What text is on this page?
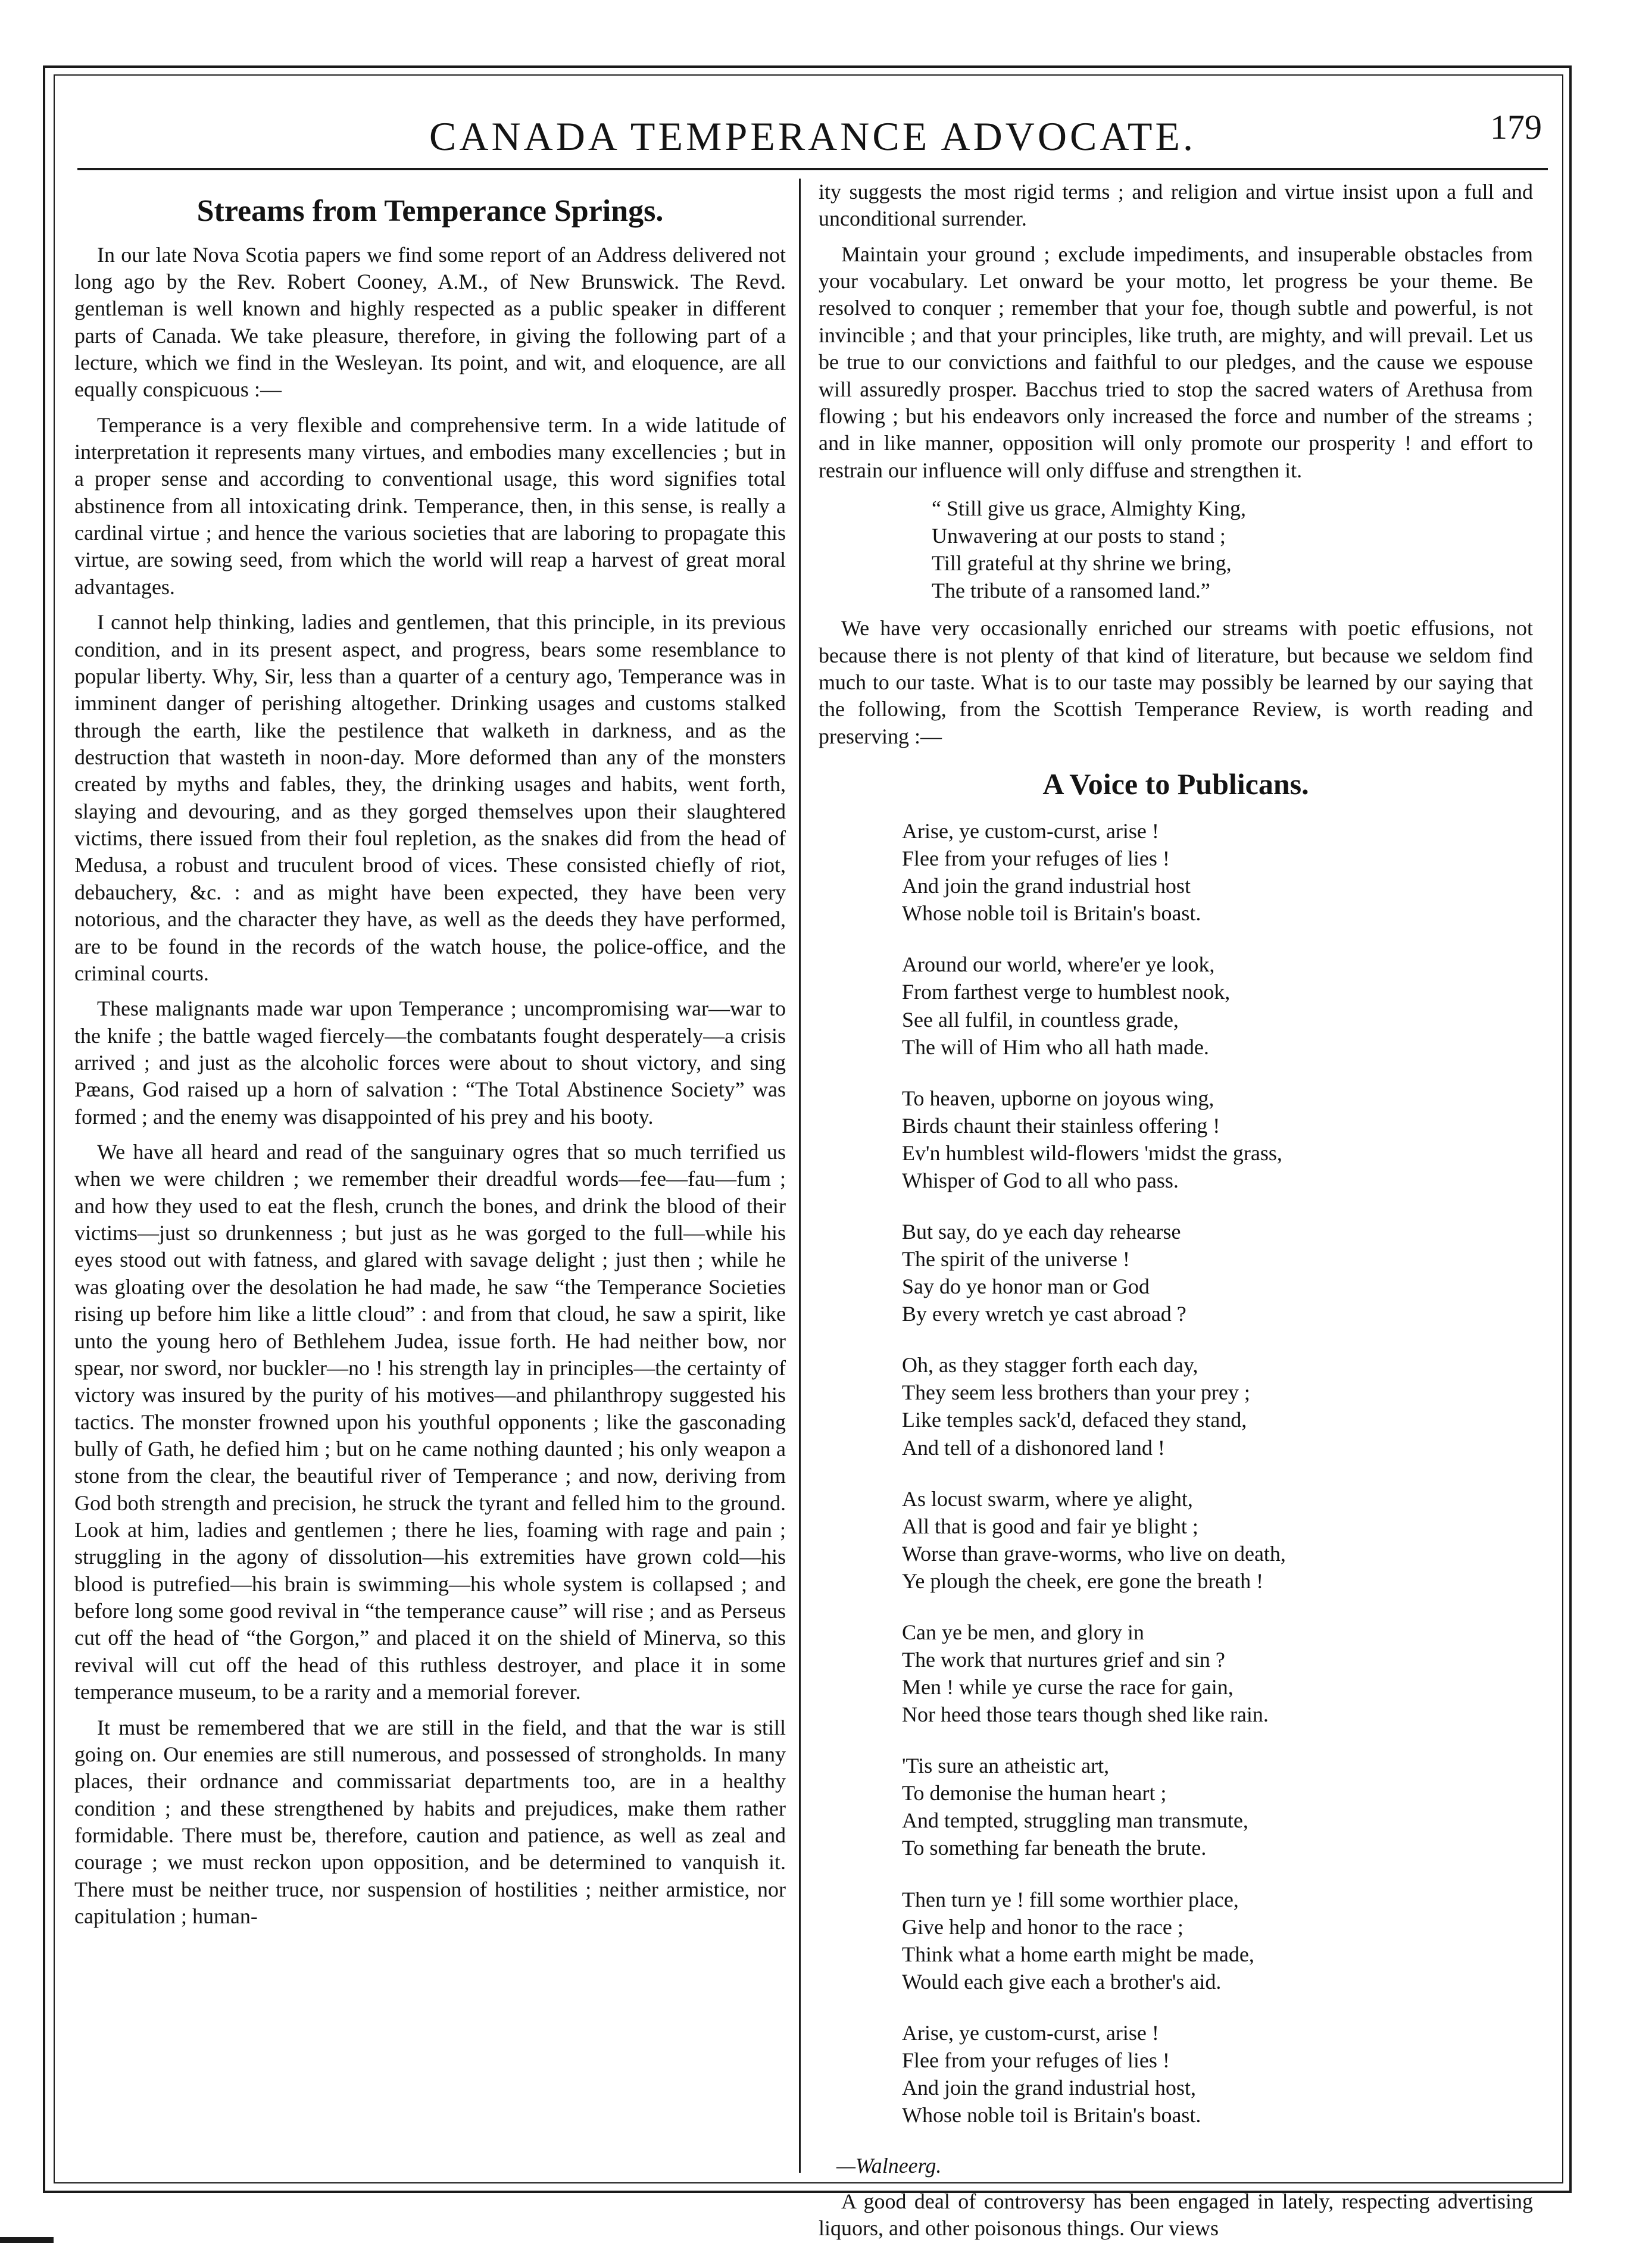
CANADA TEMPERANCE ADVOCATE.	179
Streams from Temperance Springs.

In our late Nova Scotia papers we find some report of an Address delivered not long ago by the Rev. Robert Cooney, A.M., of New Brunswick. The Revd. gentleman is well known and highly respected as a public speaker in different parts of Canada. We take pleasure, therefore, in giving the following part of a lecture, which we find in the Wesleyan. Its point, and wit, and eloquence, are all equally conspicuous :—

Temperance is a very flexible and comprehensive term. In a wide latitude of interpretation it represents many virtues, and embodies many excellencies ; but in a proper sense and according to conventional usage, this word signifies total abstinence from all intoxicating drink. Temperance, then, in this sense, is really a cardinal virtue ; and hence the various societies that are laboring to propagate this virtue, are sowing seed, from which the world will reap a harvest of great moral advantages.

I cannot help thinking, ladies and gentlemen, that this principle, in its previous condition, and in its present aspect, and progress, bears some resemblance to popular liberty. Why, Sir, less than a quarter of a century ago, Temperance was in imminent danger of perishing altogether. Drinking usages and customs stalked through the earth, like the pestilence that walketh in darkness, and as the destruction that wasteth in noon-day. More deformed than any of the monsters created by myths and fables, they, the drinking usages and habits, went forth, slaying and devouring, and as they gorged themselves upon their slaughtered victims, there issued from their foul repletion, as the snakes did from the head of Medusa, a robust and truculent brood of vices. These consisted chiefly of riot, debauchery, &c. : and as might have been expected, they have been very notorious, and the character they have, as well as the deeds they have performed, are to be found in the records of the watch house, the police-office, and the criminal courts.

These malignants made war upon Temperance ; uncompromising war—war to the knife ; the battle waged fiercely—the combatants fought desperately—a crisis arrived ; and just as the alcoholic forces were about to shout victory, and sing Pæans, God raised up a horn of salvation : “The Total Abstinence Society” was formed ; and the enemy was disappointed of his prey and his booty.

We have all heard and read of the sanguinary ogres that so much terrified us when we were children ; we remember their dreadful words—fee—fau—fum ; and how they used to eat the flesh, crunch the bones, and drink the blood of their victims—just so drunkenness ; but just as he was gorged to the full—while his eyes stood out with fatness, and glared with savage delight ; just then ; while he was gloating over the desolation he had made, he saw “the Temperance Societies rising up before him like a little cloud” : and from that cloud, he saw a spirit, like unto the young hero of Bethlehem Judea, issue forth. He had neither bow, nor spear, nor sword, nor buckler—no ! his strength lay in principles—the certainty of victory was insured by the purity of his motives—and philanthropy suggested his tactics. The monster frowned upon his youthful opponents ; like the gasconading bully of Gath, he defied him ; but on he came nothing daunted ; his only weapon a stone from the clear, the beautiful river of Temperance ; and now, deriving from God both strength and precision, he struck the tyrant and felled him to the ground. Look at him, ladies and gentlemen ; there he lies, foaming with rage and pain ; struggling in the agony of dissolution—his extremities have grown cold—his blood is putrefied—his brain is swimming—his whole system is collapsed ; and before long some good revival in “the temperance cause” will rise ; and as Perseus cut off the head of “the Gorgon,” and placed it on the shield of Minerva, so this revival will cut off the head of this ruthless destroyer, and place it in some temperance museum, to be a rarity and a memorial forever.

It must be remembered that we are still in the field, and that the war is still going on. Our enemies are still numerous, and possessed of strongholds. In many places, their ordnance and commissariat departments too, are in a healthy condition ; and these strengthened by habits and prejudices, make them rather formidable. There must be, therefore, caution and patience, as well as zeal and courage ; we must reckon upon opposition, and be determined to vanquish it. There must be neither truce, nor suspension of hostilities ; neither armistice, nor capitulation ; human-

ity suggests the most rigid terms ; and religion and virtue insist upon a full and unconditional surrender.

Maintain your ground ; exclude impediments, and insuperable obstacles from your vocabulary. Let onward be your motto, let progress be your theme. Be resolved to conquer ; remember that your foe, though subtle and powerful, is not invincible ; and that your principles, like truth, are mighty, and will prevail. Let us be true to our convictions and faithful to our pledges, and the cause we espouse will assuredly prosper. Bacchus tried to stop the sacred waters of Arethusa from flowing ; but his endeavors only increased the force and number of the streams ; and in like manner, opposition will only promote our prosperity ! and effort to restrain our influence will only diffuse and strengthen it.

“ Still give us grace, Almighty King,
Unwavering at our posts to stand ;
Till grateful at thy shrine we bring,
The tribute of a ransomed land.”

We have very occasionally enriched our streams with poetic effusions, not because there is not plenty of that kind of literature, but because we seldom find much to our taste. What is to our taste may possibly be learned by our saying that the following, from the Scottish Temperance Review, is worth reading and preserving :—

A Voice to Publicans.
Arise, ye custom-curst, arise !
Flee from your refuges of lies !
And join the grand industrial host
Whose noble toil is Britain's boast.
Around our world, where'er ye look,
From farthest verge to humblest nook,
See all fulfil, in countless grade,
The will of Him who all hath made.
To heaven, upborne on joyous wing,
Birds chaunt their stainless offering !
Ev'n humblest wild-flowers 'midst the grass,
Whisper of God to all who pass.
But say, do ye each day rehearse
The spirit of the universe !
Say do ye honor man or God
By every wretch ye cast abroad ?
Oh, as they stagger forth each day,
They seem less brothers than your prey ;
Like temples sack'd, defaced they stand,
And tell of a dishonored land !
As locust swarm, where ye alight,
All that is good and fair ye blight ;
Worse than grave-worms, who live on death,
Ye plough the cheek, ere gone the breath !
Can ye be men, and glory in
The work that nurtures grief and sin ?
Men ! while ye curse the race for gain,
Nor heed those tears though shed like rain.
'Tis sure an atheistic art,
To demonise the human heart ;
And tempted, struggling man transmute,
To something far beneath the brute.
Then turn ye ! fill some worthier place,
Give help and honor to the race ;
Think what a home earth might be made,
Would each give each a brother's aid.
Arise, ye custom-curst, arise !
Flee from your refuges of lies !
And join the grand industrial host,
Whose noble toil is Britain's boast.
—Walneerg.

A good deal of controversy has been engaged in lately, respecting advertising liquors, and other poisonous things. Our views
